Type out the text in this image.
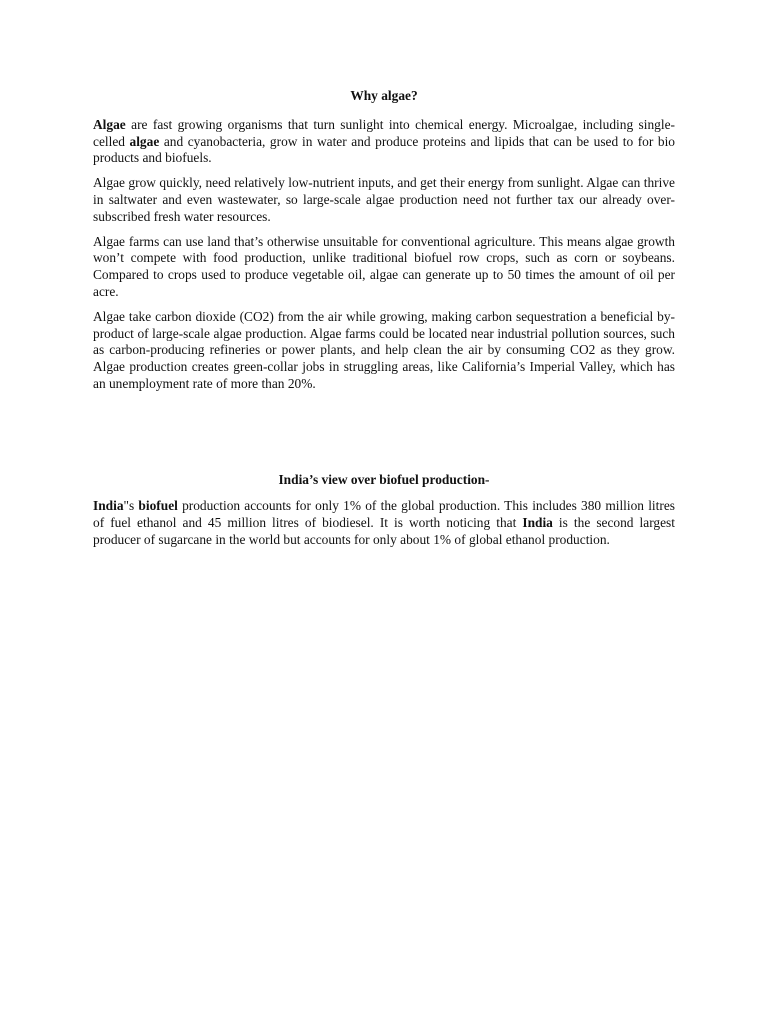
Why algae?

Algae are fast growing organisms that turn sunlight into chemical energy. Microalgae, including single-celled algae and cyanobacteria, grow in water and produce proteins and lipids that can be used to for bio products and biofuels.

Algae grow quickly, need relatively low-nutrient inputs, and get their energy from sunlight. Algae can thrive in saltwater and even wastewater, so large-scale algae production need not further tax our already over-subscribed fresh water resources.

Algae farms can use land that’s otherwise unsuitable for conventional agriculture. This means algae growth won’t compete with food production, unlike traditional biofuel row crops, such as corn or soybeans. Compared to crops used to produce vegetable oil, algae can generate up to 50 times the amount of oil per acre.

Algae take carbon dioxide (CO2) from the air while growing, making carbon sequestration a beneficial by-product of large-scale algae production. Algae farms could be located near industrial pollution sources, such as carbon-producing refineries or power plants, and help clean the air by consuming CO2 as they grow. Algae production creates green-collar jobs in struggling areas, like California’s Imperial Valley, which has an unemployment rate of more than 20%.

India’s view over biofuel production-

India"s biofuel production accounts for only 1% of the global production. This includes 380 million litres of fuel ethanol and 45 million litres of biodiesel. It is worth noticing that India is the second largest producer of sugarcane in the world but accounts for only about 1% of global ethanol production.
